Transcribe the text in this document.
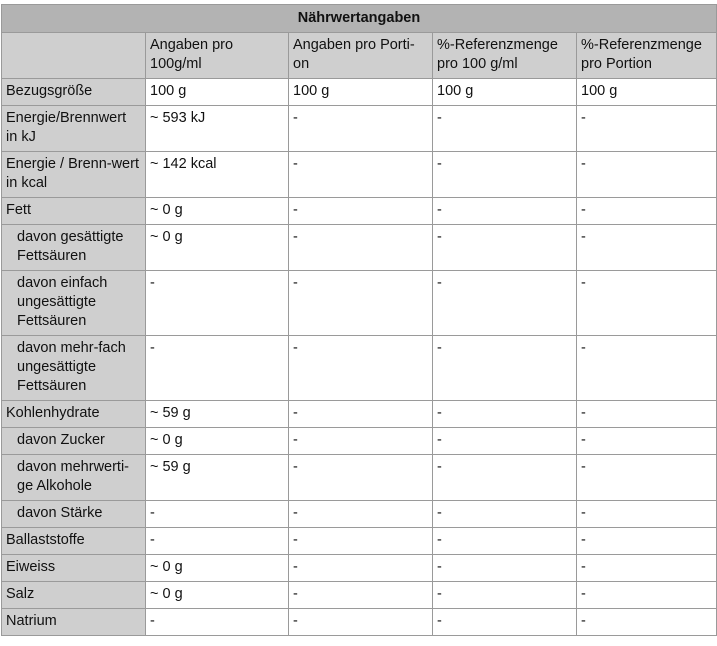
Nährwertangaben				
	Angaben pro 100g/ml	Angaben pro Porti-on	%-Referenzmenge pro 100 g/ml	%-Referenzmenge pro Portion
Bezugsgröße	100 g	100 g	100 g	100 g
Energie/Brennwert in kJ	~ 593 kJ	-	-	-
Energie / Brenn-wert in kcal	~ 142 kcal	-	-	-
Fett	~ 0 g	-	-	-
davon gesättigte Fettsäuren	~ 0 g	-	-	-
davon einfach ungesättigte Fettsäuren	-	-	-	-
davon mehr-fach ungesättigte Fettsäuren	-	-	-	-
Kohlenhydrate	~ 59 g	-	-	-
davon Zucker	~ 0 g	-	-	-
davon mehrwerti-ge Alkohole	~ 59 g	-	-	-
davon Stärke	-	-	-	-
Ballaststoffe	-	-	-	-
Eiweiss	~ 0 g	-	-	-
Salz	~ 0 g	-	-	-
Natrium	-	-	-	-
